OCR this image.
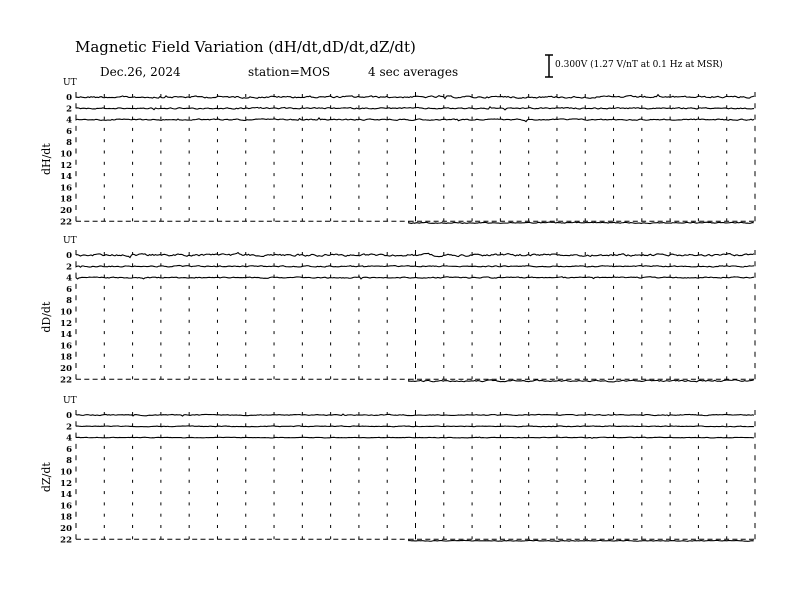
Magnetic Field Variation (dH/dt,dD/dt,dZ/dt)
Dec.26, 2024	station=MOS	4 sec averages	0.300V (1.27 V/nT at 0.1 Hz at MSR)
UT
dH/dt
0
2
4
6
8
10
12
14
16
18
20
22
UT
dD/dt
0
2
4
6
8
10
12
14
16
18
20
22
UT
dZ/dt
0
2
4
6
8
10
12
14
16
18
20
22
